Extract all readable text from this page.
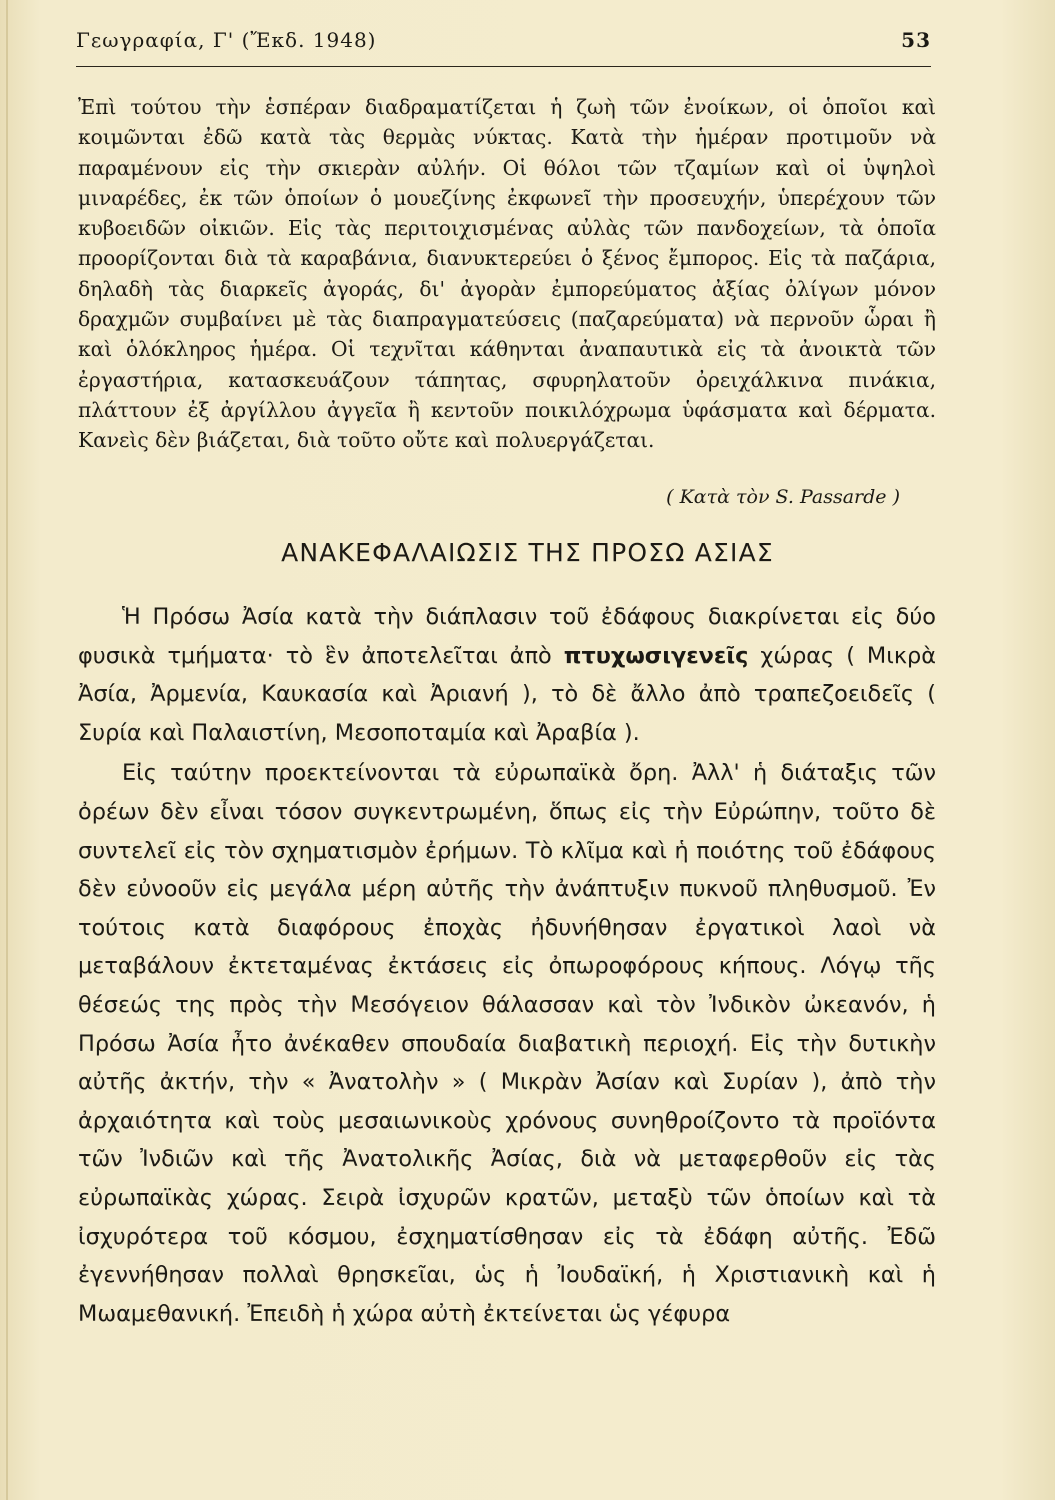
Γεωγραφία, Γ' (Ἔκδ. 1948)	53

Ἐπὶ τούτου τὴν ἑσπέραν διαδραματίζεται ἡ ζωὴ τῶν ἐνοίκων, οἱ ὁποῖοι καὶ κοιμῶνται ἐδῶ κατὰ τὰς θερμὰς νύκτας. Κατὰ τὴν ἡμέραν προτιμοῦν νὰ παραμένουν εἰς τὴν σκιερὰν αὐλήν. Οἱ θόλοι τῶν τζαμίων καὶ οἱ ὑψηλοὶ μιναρέδες, ἐκ τῶν ὁποίων ὁ μουεζίνης ἐκφωνεῖ τὴν προσευχήν, ὑπερέχουν τῶν κυβοειδῶν οἰκιῶν. Εἰς τὰς περιτοιχισμένας αὐλὰς τῶν πανδοχείων, τὰ ὁποῖα προορίζονται διὰ τὰ καραβάνια, διανυκτερεύει ὁ ξένος ἔμπορος. Εἰς τὰ παζάρια, δηλαδὴ τὰς διαρκεῖς ἀγοράς, δι' ἀγορὰν ἐμπορεύματος ἀξίας ὀλίγων μόνον δραχμῶν συμβαίνει μὲ τὰς διαπραγματεύσεις (παζαρεύματα) νὰ περνοῦν ὧραι ἢ καὶ ὁλόκληρος ἡμέρα. Οἱ τεχνῖται κάθηνται ἀναπαυτικὰ εἰς τὰ ἀνοικτὰ τῶν ἐργαστήρια, κατασκευάζουν τάπητας, σφυρηλατοῦν ὀρειχάλκινα πινάκια, πλάττουν ἐξ ἀργίλλου ἀγγεῖα ἢ κεντοῦν ποικιλόχρωμα ὑφάσματα καὶ δέρματα. Κανεὶς δὲν βιάζεται, διὰ τοῦτο οὔτε καὶ πολυεργάζεται.

( Κατὰ τὸν S. Passarde )
ΑΝΑΚΕΦΑΛΑΙΩΣΙΣ ΤΗΣ ΠΡΟΣΩ ΑΣΙΑΣ

Ἡ Πρόσω Ἀσία κατὰ τὴν διάπλασιν τοῦ ἐδάφους διακρίνεται εἰς δύο φυσικὰ τμήματα· τὸ ἓν ἀποτελεῖται ἀπὸ πτυχωσιγενεῖς χώρας ( Μικρὰ Ἀσία, Ἀρμενία, Καυκασία καὶ Ἀριανή ), τὸ δὲ ἄλλο ἀπὸ τραπεζοειδεῖς ( Συρία καὶ Παλαιστίνη, Μεσοποταμία καὶ Ἀραβία ).

Εἰς ταύτην προεκτείνονται τὰ εὐρωπαϊκὰ ὄρη. Ἀλλ' ἡ διάταξις τῶν ὀρέων δὲν εἶναι τόσον συγκεντρωμένη, ὅπως εἰς τὴν Εὐρώπην, τοῦτο δὲ συντελεῖ εἰς τὸν σχηματισμὸν ἐρήμων. Τὸ κλῖμα καὶ ἡ ποιότης τοῦ ἐδάφους δὲν εὐνοοῦν εἰς μεγάλα μέρη αὐτῆς τὴν ἀνάπτυξιν πυκνοῦ πληθυσμοῦ. Ἐν τούτοις κατὰ διαφόρους ἐποχὰς ἠδυνήθησαν ἐργατικοὶ λαοὶ νὰ μεταβάλουν ἐκτεταμένας ἐκτάσεις εἰς ὀπωροφόρους κήπους. Λόγῳ τῆς θέσεώς της πρὸς τὴν Μεσόγειον θάλασσαν καὶ τὸν Ἰνδικὸν ὠκεανόν, ἡ Πρόσω Ἀσία ἦτο ἀνέκαθεν σπουδαία διαβατικὴ περιοχή. Εἰς τὴν δυτικὴν αὐτῆς ἀκτήν, τὴν « Ἀνατολὴν » ( Μικρὰν Ἀσίαν καὶ Συρίαν ), ἀπὸ τὴν ἀρχαιότητα καὶ τοὺς μεσαιωνικοὺς χρόνους συνηθροίζοντο τὰ προϊόντα τῶν Ἰνδιῶν καὶ τῆς Ἀνατολικῆς Ἀσίας, διὰ νὰ μεταφερθοῦν εἰς τὰς εὐρωπαϊκὰς χώρας. Σειρὰ ἰσχυρῶν κρατῶν, μεταξὺ τῶν ὁποίων καὶ τὰ ἰσχυρότερα τοῦ κόσμου, ἐσχηματίσθησαν εἰς τὰ ἐδάφη αὐτῆς. Ἐδῶ ἐγεννήθησαν πολλαὶ θρησκεῖαι, ὡς ἡ Ἰουδαϊκή, ἡ Χριστιανικὴ καὶ ἡ Μωαμεθανική. Ἐπειδὴ ἡ χώρα αὐτὴ ἐκτείνεται ὡς γέφυρα
